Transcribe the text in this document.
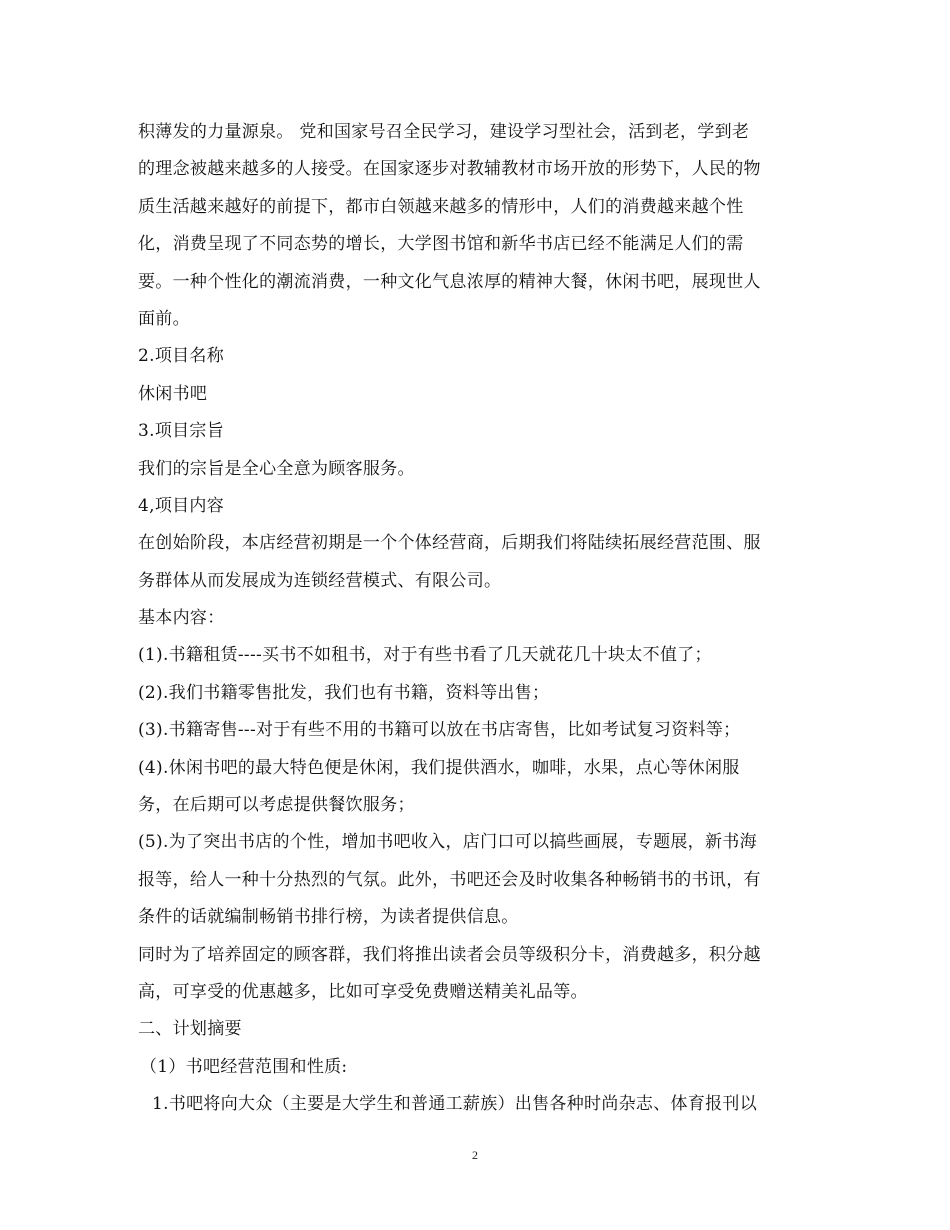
积薄发的力量源泉。 党和国家号召全民学习，建设学习型社会，活到老，学到老
的理念被越来越多的人接受。在国家逐步对教辅教材市场开放的形势下，人民的物
质生活越来越好的前提下，都市白领越来越多的情形中，人们的消费越来越个性
化，消费呈现了不同态势的增长，大学图书馆和新华书店已经不能满足人们的需
要。一种个性化的潮流消费，一种文化气息浓厚的精神大餐，休闲书吧，展现世人
面前。
2.项目名称
休闲书吧
3.项目宗旨
我们的宗旨是全心全意为顾客服务。
4,项目内容
在创始阶段，本店经营初期是一个个体经营商，后期我们将陆续拓展经营范围、服
务群体从而发展成为连锁经营模式、有限公司。
基本内容：
(1).书籍租赁----买书不如租书，对于有些书看了几天就花几十块太不值了；
(2).我们书籍零售批发，我们也有书籍，资料等出售；
(3).书籍寄售---对于有些不用的书籍可以放在书店寄售，比如考试复习资料等；
(4).休闲书吧的最大特色便是休闲，我们提供酒水，咖啡，水果，点心等休闲服
务，在后期可以考虑提供餐饮服务；
(5).为了突出书店的个性，增加书吧收入，店门口可以搞些画展，专题展，新书海
报等，给人一种十分热烈的气氛。此外，书吧还会及时收集各种畅销书的书讯，有
条件的话就编制畅销书排行榜，为读者提供信息。
同时为了培养固定的顾客群，我们将推出读者会员等级积分卡，消费越多，积分越
高，可享受的优惠越多，比如可享受免费赠送精美礼品等。
二、计划摘要
（1）书吧经营范围和性质:
1.书吧将向大众（主要是大学生和普通工薪族）出售各种时尚杂志、体育报刊以
2
